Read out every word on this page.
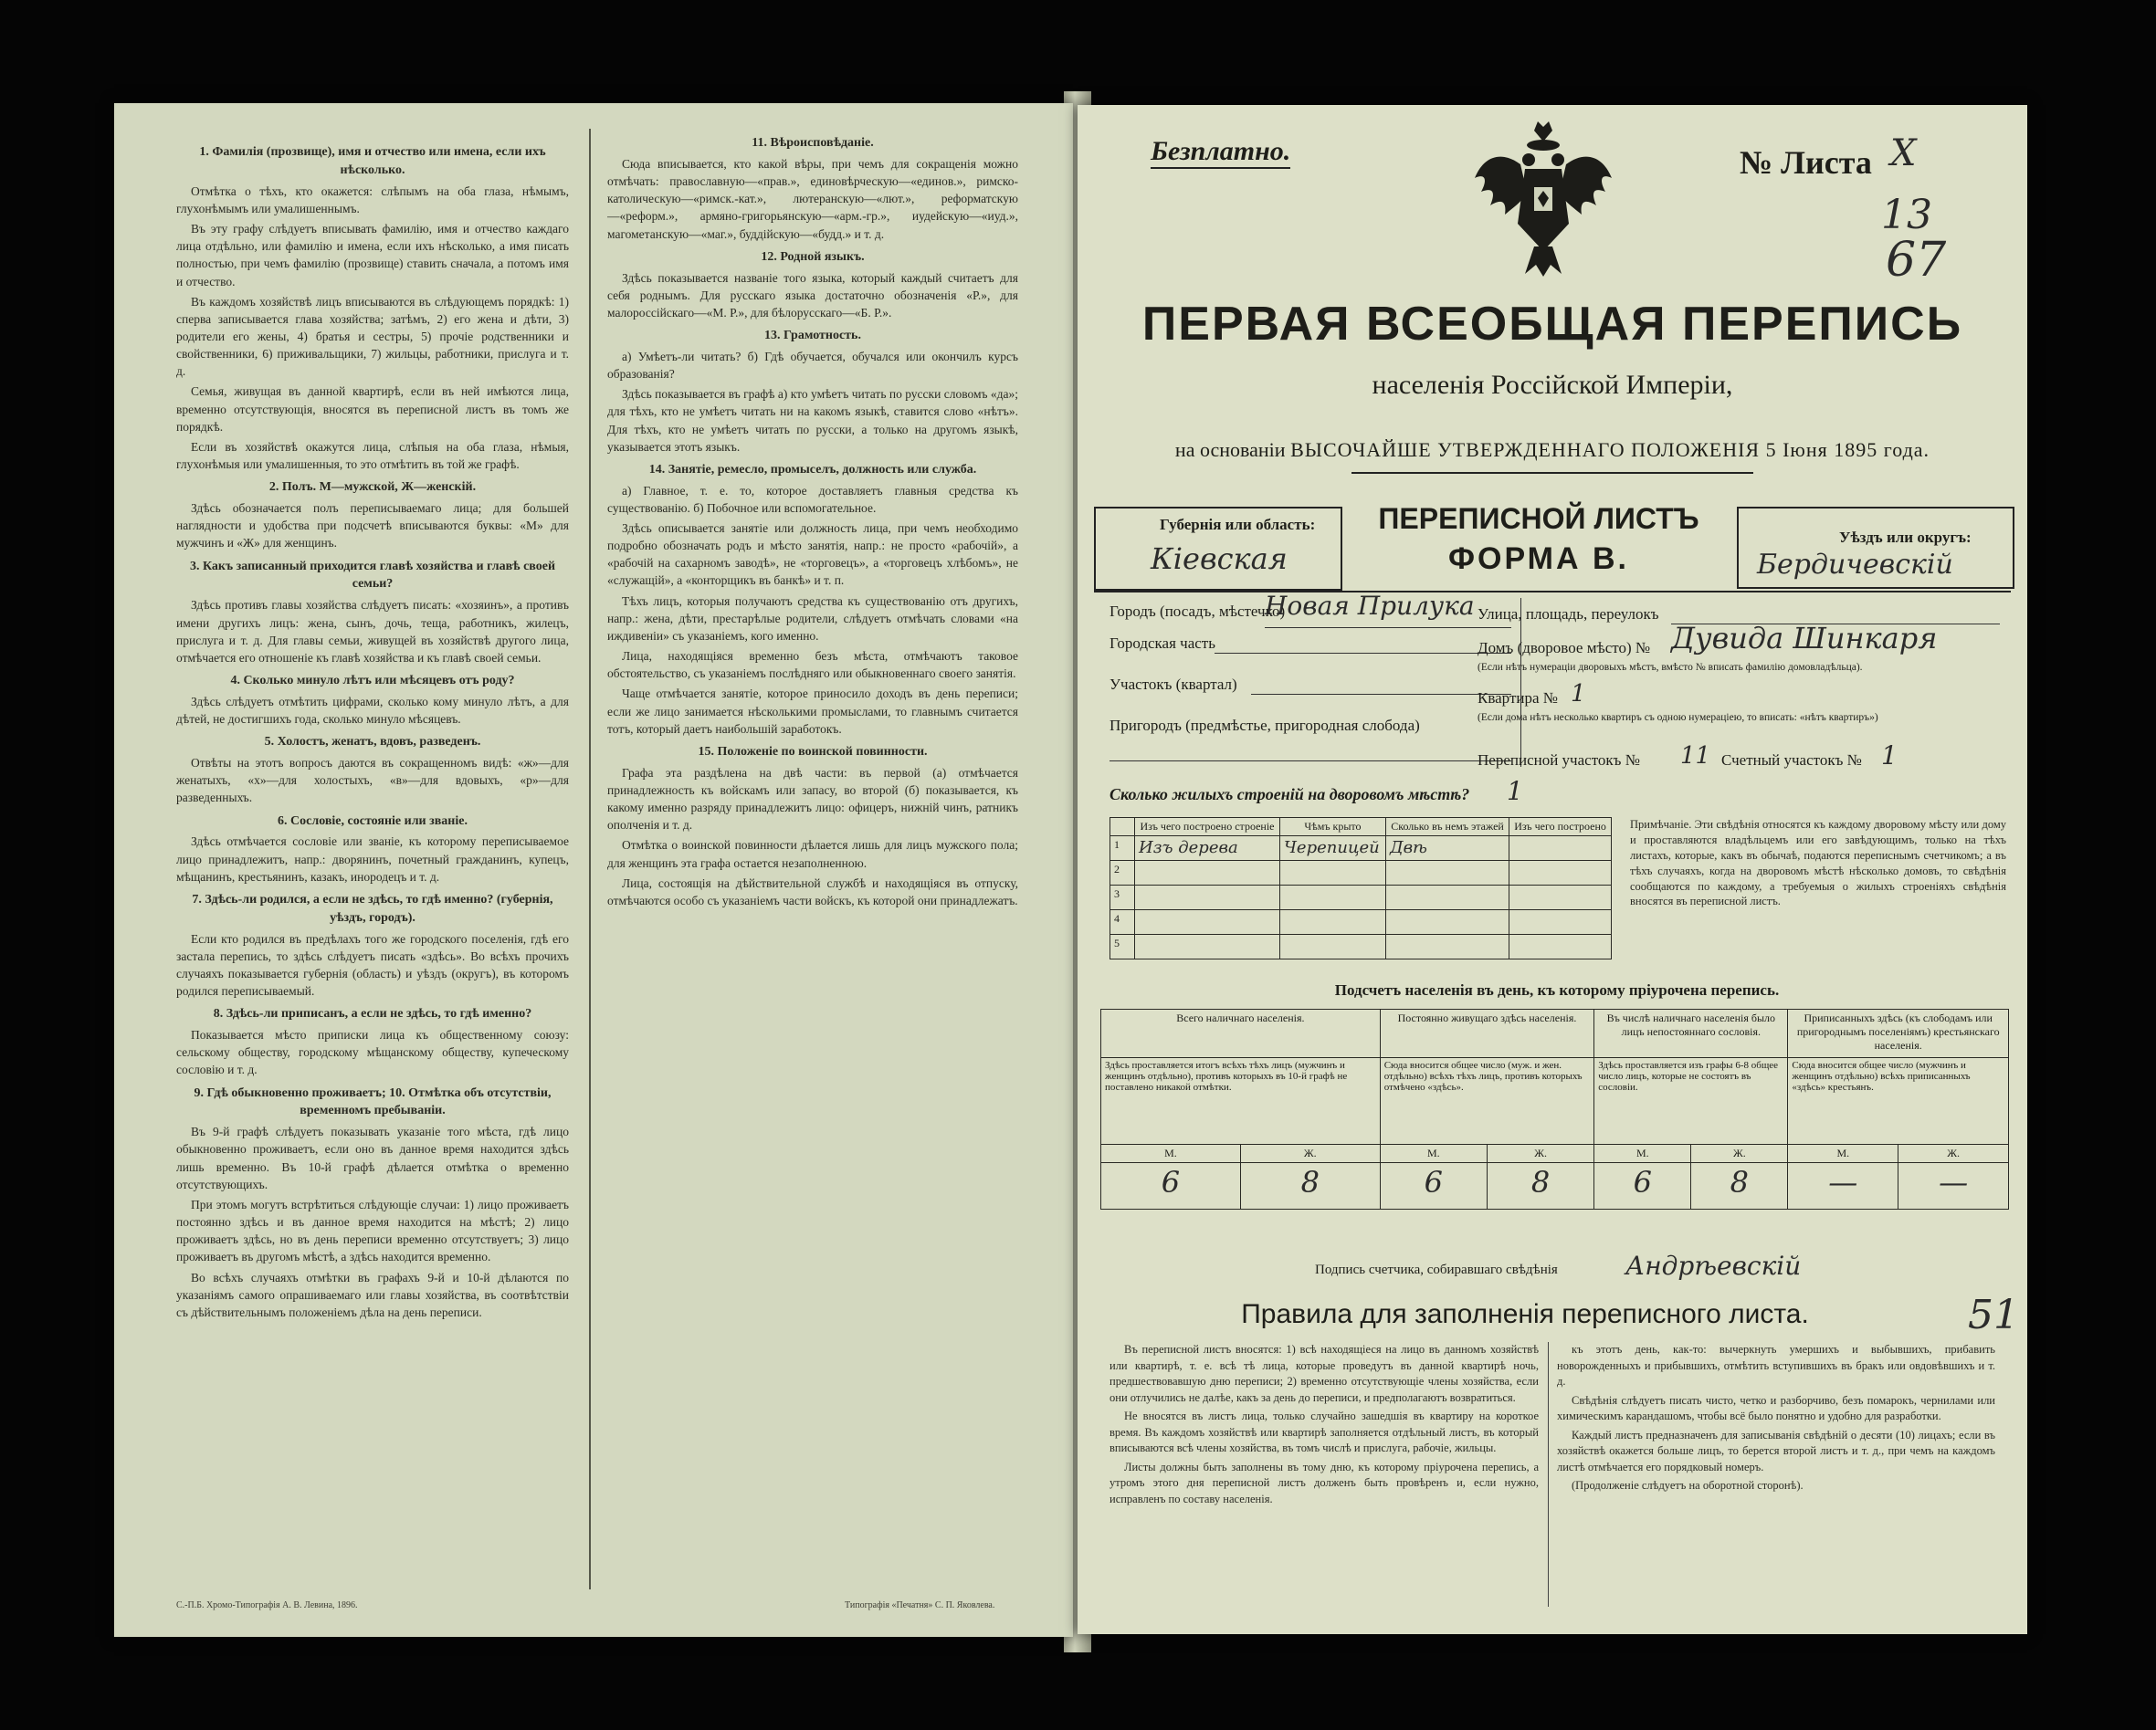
1. Фамилія (прозвище), имя и отчество или имена, если ихъ нѣсколько.

Отмѣтка о тѣхъ, кто окажется: слѣпымъ на оба глаза, нѣмымъ, глухонѣмымъ или умалишеннымъ.

Въ эту графу слѣдуетъ вписывать фамилію, имя и отчество каждаго лица отдѣльно, или фамилію и имена, если ихъ нѣсколько, а имя писать полностью, при чемъ фамилію (прозвище) ставить сначала, а потомъ имя и отчество.

Въ каждомъ хозяйствѣ лицъ вписываются въ слѣдующемъ порядкѣ: 1) сперва записывается глава хозяйства; затѣмъ, 2) его жена и дѣти, 3) родители его жены, 4) братья и сестры, 5) прочіе родственники и свойственники, 6) приживальщики, 7) жильцы, работники, прислуга и т. д.

Семья, живущая въ данной квартирѣ, если въ ней имѣются лица, временно отсутствующія, вносятся въ переписной листъ въ томъ же порядкѣ.

Если въ хозяйствѣ окажутся лица, слѣпыя на оба глаза, нѣмыя, глухонѣмыя или умалишенныя, то это отмѣтить въ той же графѣ.

2. Полъ. М—мужской, Ж—женскій.

Здѣсь обозначается полъ переписываемаго лица; для большей наглядности и удобства при подсчетѣ вписываются буквы: «М» для мужчинъ и «Ж» для женщинъ.

3. Какъ записанный приходится главѣ хозяйства и главѣ своей семьи?

Здѣсь противъ главы хозяйства слѣдуетъ писать: «хозяинъ», а противъ имени другихъ лицъ: жена, сынъ, дочь, теща, работникъ, жилецъ, прислуга и т. д. Для главы семьи, живущей въ хозяйствѣ другого лица, отмѣчается его отношеніе къ главѣ хозяйства и къ главѣ своей семьи.

4. Сколько минуло лѣтъ или мѣсяцевъ отъ роду?

Здѣсь слѣдуетъ отмѣтить цифрами, сколько кому минуло лѣтъ, а для дѣтей, не достигшихъ года, сколько минуло мѣсяцевъ.

5. Холостъ, женатъ, вдовъ, разведенъ.

Отвѣты на этотъ вопросъ даются въ сокращенномъ видѣ: «ж»—для женатыхъ, «х»—для холостыхъ, «в»—для вдовыхъ, «р»—для разведенныхъ.

6. Сословіе, состояніе или званіе.

Здѣсь отмѣчается сословіе или званіе, къ которому переписываемое лицо принадлежитъ, напр.: дворянинъ, почетный гражданинъ, купецъ, мѣщанинъ, крестьянинъ, казакъ, инородецъ и т. д.

7. Здѣсь-ли родился, а если не здѣсь, то гдѣ именно? (губернія, уѣздъ, городъ).

Если кто родился въ предѣлахъ того же городского поселенія, гдѣ его застала перепись, то здѣсь слѣдуетъ писать «здѣсь». Во всѣхъ прочихъ случаяхъ показывается губернія (область) и уѣздъ (округъ), въ которомъ родился переписываемый.

8. Здѣсь-ли приписанъ, а если не здѣсь, то гдѣ именно?

Показывается мѣсто приписки лица къ общественному союзу: сельскому обществу, городскому мѣщанскому обществу, купеческому сословію и т. д.

9. Гдѣ обыкновенно проживаетъ; 10. Отмѣтка объ отсутствіи, временномъ пребываніи.

Въ 9-й графѣ слѣдуетъ показывать указаніе того мѣста, гдѣ лицо обыкновенно проживаетъ, если оно въ данное время находится здѣсь лишь временно. Въ 10-й графѣ дѣлается отмѣтка о временно отсутствующихъ.

При этомъ могутъ встрѣтиться слѣдующіе случаи: 1) лицо проживаетъ постоянно здѣсь и въ данное время находится на мѣстѣ; 2) лицо проживаетъ здѣсь, но въ день переписи временно отсутствуетъ; 3) лицо проживаетъ въ другомъ мѣстѣ, а здѣсь находится временно.

Во всѣхъ случаяхъ отмѣтки въ графахъ 9-й и 10-й дѣлаются по указаніямъ самого опрашиваемаго или главы хозяйства, въ соотвѣтствіи съ дѣйствительнымъ положеніемъ дѣла на день переписи.

11. Вѣроисповѣданіе.

Сюда вписывается, кто какой вѣры, при чемъ для сокращенія можно отмѣчать: православную—«прав.», единовѣрческую—«единов.», римско-католическую—«римск.-кат.», лютеранскую—«лют.», реформатскую—«реформ.», армяно-григорьянскую—«арм.-гр.», иудейскую—«иуд.», магометанскую—«маг.», буддійскую—«будд.» и т. д.

12. Родной языкъ.

Здѣсь показывается названіе того языка, который каждый считаетъ для себя роднымъ. Для русскаго языка достаточно обозначенія «Р.», для малороссійскаго—«М. Р.», для бѣлорусскаго—«Б. Р.».

13. Грамотность.

а) Умѣетъ-ли читать? б) Гдѣ обучается, обучался или окончилъ курсъ образованія?

Здѣсь показывается въ графѣ а) кто умѣетъ читать по русски словомъ «да»; для тѣхъ, кто не умѣетъ читать ни на какомъ языкѣ, ставится слово «нѣтъ». Для тѣхъ, кто не умѣетъ читать по русски, а только на другомъ языкѣ, указывается этотъ языкъ.

14. Занятіе, ремесло, промыселъ, должность или служба.

а) Главное, т. е. то, которое доставляетъ главныя средства къ существованію. б) Побочное или вспомогательное.

Здѣсь описывается занятіе или должность лица, при чемъ необходимо подробно обозначать родъ и мѣсто занятія, напр.: не просто «рабочій», а «рабочій на сахарномъ заводѣ», не «торговецъ», а «торговецъ хлѣбомъ», не «служащій», а «конторщикъ въ банкѣ» и т. п.

Тѣхъ лицъ, которыя получаютъ средства къ существованію отъ другихъ, напр.: жена, дѣти, престарѣлые родители, слѣдуетъ отмѣчать словами «на иждивеніи» съ указаніемъ, кого именно.

Лица, находящіяся временно безъ мѣста, отмѣчаютъ таковое обстоятельство, съ указаніемъ послѣдняго или обыкновеннаго своего занятія.

Чаще отмѣчается занятіе, которое приносило доходъ въ день переписи; если же лицо занимается нѣсколькими промыслами, то главнымъ считается тотъ, который даетъ наибольшій заработокъ.

15. Положеніе по воинской повинности.

Графа эта раздѣлена на двѣ части: въ первой (а) отмѣчается принадлежность къ войскамъ или запасу, во второй (б) показывается, къ какому именно разряду принадлежитъ лицо: офицеръ, нижній чинъ, ратникъ ополченія и т. д.

Отмѣтка о воинской повинности дѣлается лишь для лицъ мужского пола; для женщинъ эта графа остается незаполненною.

Лица, состоящія на дѣйствительной службѣ и находящіяся въ отпуску, отмѣчаются особо съ указаніемъ части войскъ, къ которой они принадлежатъ.

С.-П.Б. Хромо-Типографія А. В. Левина, 1896.	Типографія «Печатня» С. П. Яковлева.
Безплатно.	№ Листа X
13
67
ПЕРВАЯ ВСЕОБЩАЯ ПЕРЕПИСЬ
населенія Россійской Имперіи,
на основаніи ВЫСОЧАЙШЕ УТВЕРЖДЕННАГО ПОЛОЖЕНІЯ 5 Іюня 1895 года.
Губернія или область:
Кіевская
ПЕРЕПИСНОЙ ЛИСТЪ
ФОРМА В.
Уѣздъ или округъ:
Бердичевскій
Городъ (посадъ, мѣстечко)
Новая Прилука
Городская часть
Участокъ (квартал)
Пригородъ (предмѣстье, пригородная слобода)
Улица, площадь, переулокъ
Домъ (дворовое мѣсто) № Дувида Шинкаря
(Если нѣтъ нумераціи дворовыхъ мѣстъ, вмѣсто № вписать фамилію домовладѣльца).
Квартира № 1
(Если дома нѣтъ несколько квартиръ съ одною нумераціею, то вписать: «нѣтъ квартиръ»)
Переписной участокъ № 11 Счетный участокъ № 1
Сколько жилыхъ строеній на дворовомъ мѣстѣ? 1
	Изъ чего построено строеніе	Чѣмъ крыто	Сколько въ немъ этажей	Изъ чего построено
1	Изъ дерева	Черепицей	Двѣ	
2				
3				
4				
5				
Примѣчаніе. Эти свѣдѣнія относятся къ каждому дворовому мѣсту или дому и проставляются владѣльцемъ или его завѣдующимъ, только на тѣхъ листахъ, которые, какъ въ обычаѣ, подаются переписнымъ счетчикомъ; а въ тѣхъ случаяхъ, когда на дворовомъ мѣстѣ нѣсколько домовъ, то свѣдѣнія сообщаются по каждому, а требуемыя о жилыхъ строеніяхъ свѣдѣнія вносятся въ переписной листъ.
Подсчетъ населенія въ день, къ которому пріурочена перепись.
Всего наличнаго населенія.		Постоянно живущаго здѣсь населенія.		Въ числѣ наличнаго населенія было лицъ непостояннаго сословія.		Приписанныхъ здѣсь (къ слободамъ или пригороднымъ поселеніямъ) крестьянскаго населенія.	
Здѣсь проставляется итогъ всѣхъ тѣхъ лицъ (мужчинъ и женщинъ отдѣльно), противъ которыхъ въ 10-й графѣ не поставлено никакой отмѣтки.		Сюда вносится общее число (муж. и жен. отдѣльно) всѣхъ тѣхъ лицъ, противъ которыхъ отмѣчено «здѣсь».		Здѣсь проставляется изъ графы 6-8 общее число лицъ, которые не состоятъ въ сословіи.		Сюда вносится общее число (мужчинъ и женщинъ отдѣльно) всѣхъ приписанныхъ «здѣсь» крестьянъ.	
М.	Ж.	М.	Ж.	М.	Ж.	М.	Ж.
6	8	6	8	6	8	—	—
Подпись счетчика, собиравшаго свѣдѣнія	Андрѣевскій
51
Правила для заполненія переписного листа.

Въ переписной листъ вносятся: 1) всѣ находящіеся на лицо въ данномъ хозяйствѣ или квартирѣ, т. е. всѣ тѣ лица, которые проведутъ въ данной квартирѣ ночь, предшествовавшую дню переписи; 2) временно отсутствующіе члены хозяйства, если они отлучились не далѣе, какъ за день до переписи, и предполагаютъ возвратиться.

Не вносятся въ листъ лица, только случайно зашедшія въ квартиру на короткое время. Въ каждомъ хозяйствѣ или квартирѣ заполняется отдѣльный листъ, въ который вписываются всѣ члены хозяйства, въ томъ числѣ и прислуга, рабочіе, жильцы.

Листы должны быть заполнены въ тому дню, къ которому пріурочена перепись, а утромъ этого дня переписной листъ долженъ быть провѣренъ и, если нужно, исправленъ по составу населенія.

къ этотъ день, как-то: вычеркнуть умершихъ и выбывшихъ, прибавить новорожденныхъ и прибывшихъ, отмѣтить вступившихъ въ бракъ или овдовѣвшихъ и т. д.

Свѣдѣнія слѣдуетъ писать чисто, четко и разборчиво, безъ помарокъ, чернилами или химическимъ карандашомъ, чтобы всё было понятно и удобно для разработки.

Каждый листъ предназначенъ для записыванія свѣдѣній о десяти (10) лицахъ; если въ хозяйствѣ окажется больше лицъ, то берется второй листъ и т. д., при чемъ на каждомъ листѣ отмѣчается его порядковый номеръ.

(Продолженіе слѣдуетъ на оборотной сторонѣ).
